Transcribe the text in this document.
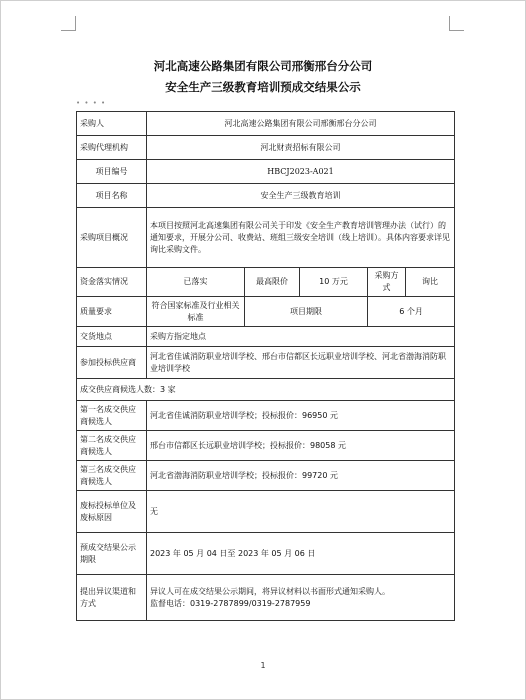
河北高速公路集团有限公司邢衡邢台分公司
安全生产三级教育培训预成交结果公示
• • • •
采购人	河北高速公路集团有限公司邢衡邢台分公司				
采购代理机构	河北财责招标有限公司				
项目编号	HBCJ2023-A021				
项目名称	安全生产三级教育培训				
采购项目概况	本项目按照河北高速集团有限公司关于印发《安全生产教育培训管理办法（试行）的通知要求，开展分公司、收费站、班组三级安全培训（线上培训）。具体内容要求详见询比采购文件。				
资金落实情况	已落实	最高限价	10 万元	采购方式	询比
质量要求	符合国家标准及行业相关标准	项目期限		6 个月	
交货地点	采购方指定地点				
参加投标供应商	河北省佳诚消防职业培训学校、邢台市信都区长远职业培训学校、河北省渤海消防职业培训学校				
成交供应商候选人数：3 家					
第一名成交供应商候选人	河北省佳诚消防职业培训学校；投标报价：96950 元				
第二名成交供应商候选人	邢台市信都区长远职业培训学校；投标报价：98058 元				
第三名成交供应商候选人	河北省渤海消防职业培训学校；投标报价：99720 元				
废标投标单位及废标原因	无				
预成交结果公示期限	2023 年 05 月 04 日至 2023 年 05 月 06 日				
提出异议渠道和方式	异议人可在成交结果公示期间，将异议材料以书面形式通知采购人。
监督电话：0319-2787899/0319-2787959				
1
